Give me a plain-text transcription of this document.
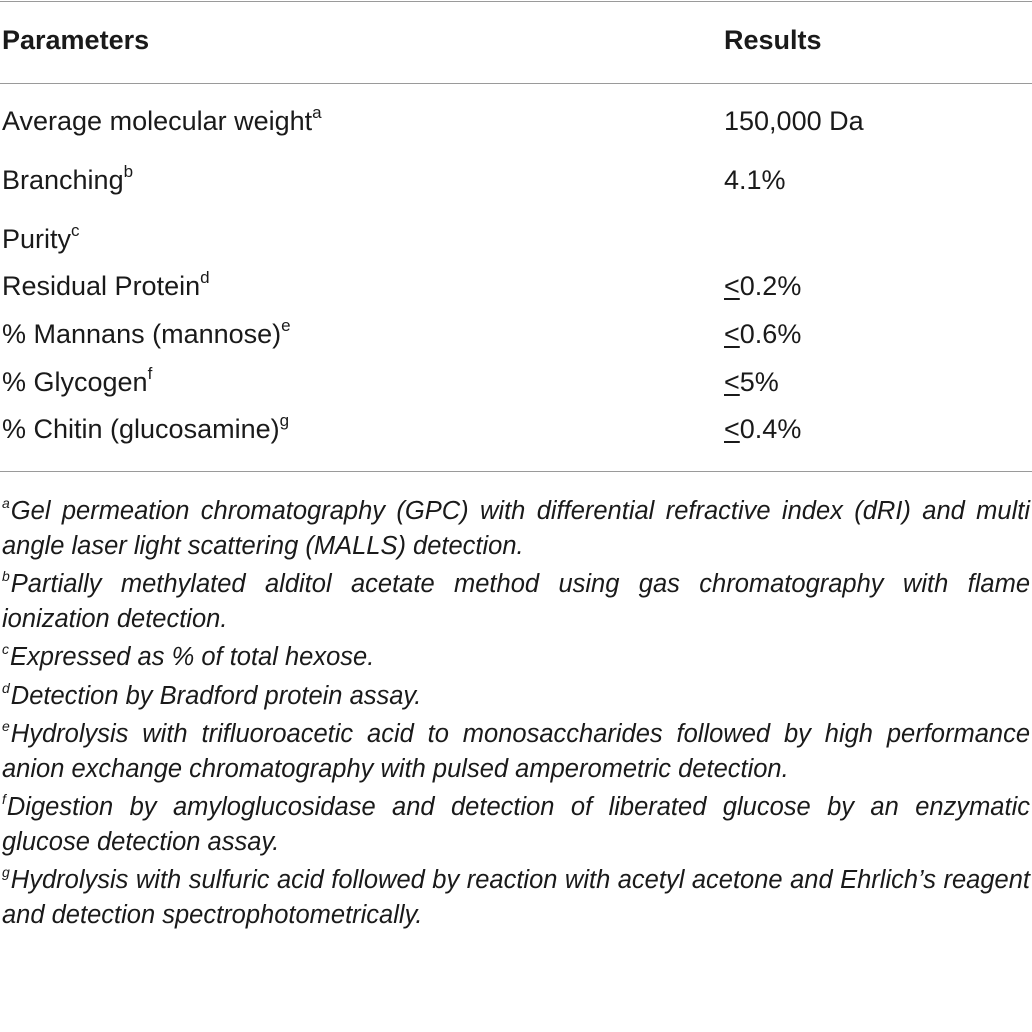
Parameters	Results
Average molecular weight$^a$	150,000 Da
Branching$^b$	4.1%
Purity$^c$
Residual Protein$^d$	≤0.2%
% Mannans (mannose)$^e$	≤0.6%
% Glycogen$^f$	≤5%
% Chitin (glucosamine)$^g$	≤0.4%
$^a$Gel permeation chromatography (GPC) with differential refractive index (dRI) and multi angle laser light scattering (MALLS) detection.
$^b$Partially methylated alditol acetate method using gas chromatography with flame ionization detection.
$^c$Expressed as % of total hexose.
$^d$Detection by Bradford protein assay.
$^e$Hydrolysis with trifluoroacetic acid to monosaccharides followed by high performance anion exchange chromatography with pulsed amperometric detection.
$^f$Digestion by amyloglucosidase and detection of liberated glucose by an enzymatic glucose detection assay.
$^g$Hydrolysis with sulfuric acid followed by reaction with acetyl acetone and Ehrlich’s reagent and detection spectrophotometrically.
